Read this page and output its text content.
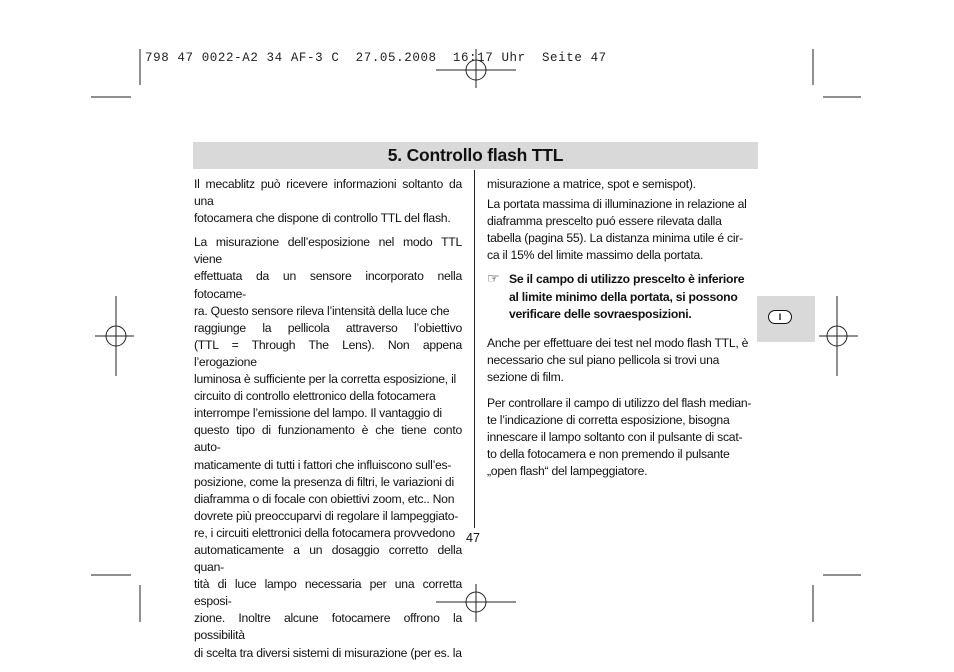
798 47 0022-A2 34 AF-3 C  27.05.2008  16:17 Uhr  Seite 47
5. Controllo flash TTL

Il mecablitz può ricevere informazioni soltanto da una
fotocamera che dispone di controllo TTL del flash.

La misurazione dell’esposizione nel modo TTL viene
effettuata da un sensore incorporato nella fotocame-
ra. Questo sensore rileva l’intensità della luce che
raggiunge la pellicola attraverso l’obiettivo
(TTL = Through The Lens). Non appena l’erogazione
luminosa è sufficiente per la corretta esposizione, il
circuito di controllo elettronico della fotocamera
interrompe l’emissione del lampo. Il vantaggio di
questo tipo di funzionamento è che tiene conto auto-
maticamente di tutti i fattori che influiscono sull’es-
posizione, come la presenza di filtri, le variazioni di
diaframma o di focale con obiettivi zoom, etc.. Non
dovrete più preoccuparvi di regolare il lampeggiato-
re, i circuiti elettronici della fotocamera provvedono
automaticamente a un dosaggio corretto della quan-
tità di luce lampo necessaria per una corretta esposi-
zione. Inoltre alcune fotocamere offrono la possibilità
di scelta tra diversi sistemi di misurazione (per es. la

misurazione a matrice, spot e semispot).

La portata massima di illuminazione in relazione al
diaframma prescelto puó essere rilevata dalla
tabella (pagina 55). La distanza minima utile é cir-
ca il 15% del limite massimo della portata.

☞ Se il campo di utilizzo prescelto è inferiore
al limite minimo della portata, si possono
verificare delle sovraesposizioni.

Anche per effettuare dei test nel modo flash TTL, è
necessario che sul piano pellicola si trovi una
sezione di film.

Per controllare il campo di utilizzo del flash median-
te l’indicazione di corretta esposizione, bisogna
innescare il lampo soltanto con il pulsante di scat-
to della fotocamera e non premendo il pulsante
„open flash“ del lampeggiatore.

47
I
